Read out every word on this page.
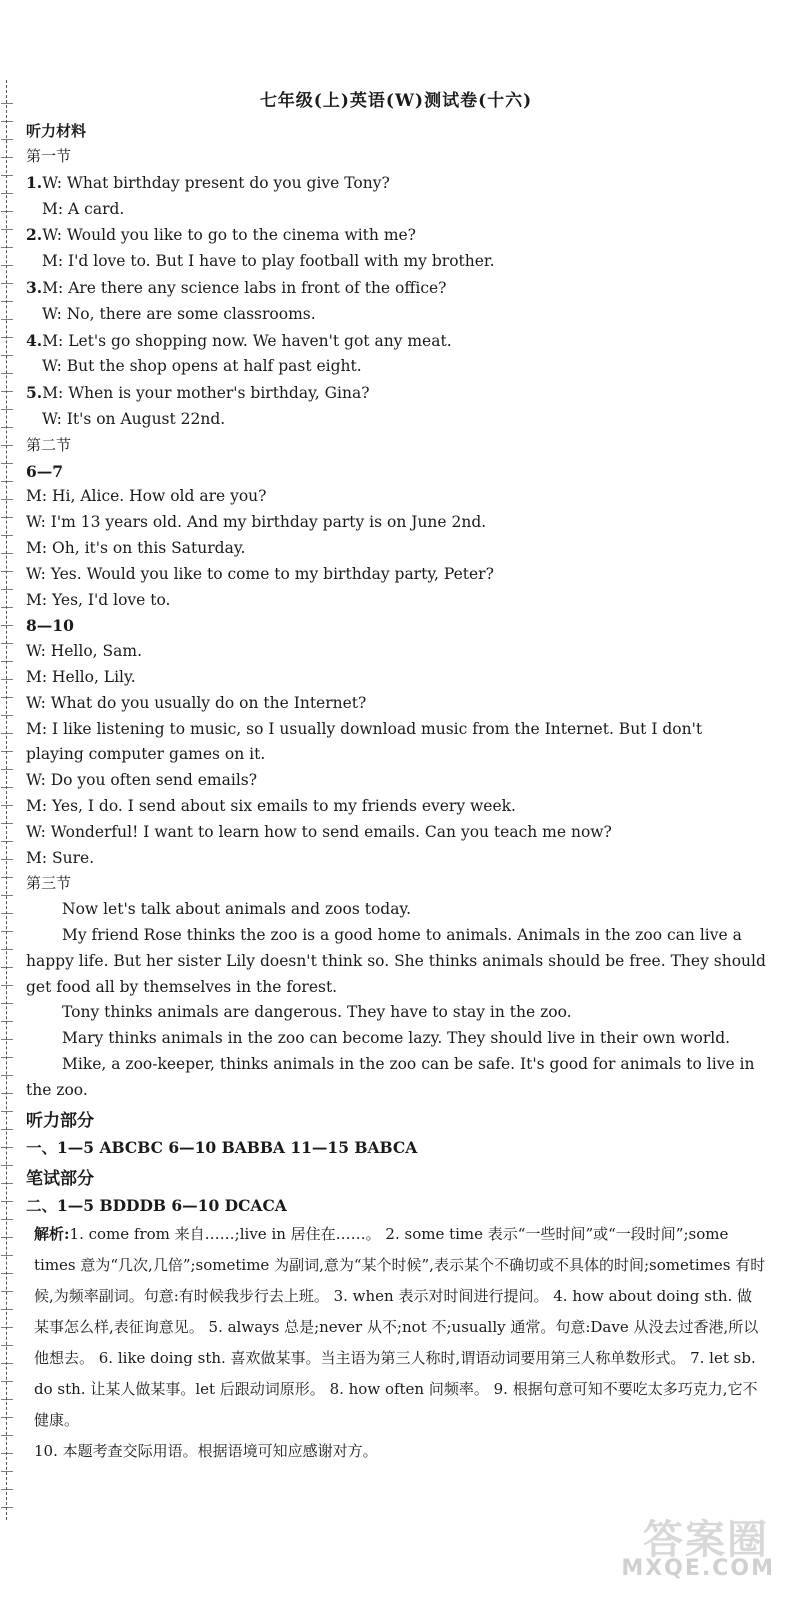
七年级(上)英语(W)测试卷(十六)
听力材料
第一节
1.W: What birthday present do you give Tony?
M: A card.
2.W: Would you like to go to the cinema with me?
M: I'd love to. But I have to play football with my brother.
3.M: Are there any science labs in front of the office?
W: No, there are some classrooms.
4.M: Let's go shopping now. We haven't got any meat.
W: But the shop opens at half past eight.
5.M: When is your mother's birthday, Gina?
W: It's on August 22nd.
第二节
6—7
M: Hi, Alice. How old are you?
W: I'm 13 years old. And my birthday party is on June 2nd.
M: Oh, it's on this Saturday.
W: Yes. Would you like to come to my birthday party, Peter?
M: Yes, I'd love to.
8—10
W: Hello, Sam.
M: Hello, Lily.
W: What do you usually do on the Internet?
M: I like listening to music, so I usually download music from the Internet. But I don't
playing computer games on it.
W: Do you often send emails?
M: Yes, I do. I send about six emails to my friends every week.
W: Wonderful! I want to learn how to send emails. Can you teach me now?
M: Sure.
第三节
Now let's talk about animals and zoos today.
My friend Rose thinks the zoo is a good home to animals. Animals in the zoo can live a happy life. But her sister Lily doesn't think so. She thinks animals should be free. They should get food all by themselves in the forest.
Tony thinks animals are dangerous. They have to stay in the zoo.
Mary thinks animals in the zoo can become lazy. They should live in their own world.
Mike, a zoo-keeper, thinks animals in the zoo can be safe. It's good for animals to live in the zoo.
听力部分
一、1—5 ABCBC 6—10 BABBA 11—15 BABCA
笔试部分
二、1—5 BDDDB 6—10 DCACA
解析:1. come from 来自……;live in 居住在……。 2. some time 表示“一些时间”或“一段时间”;some times 意为“几次,几倍”;sometime 为副词,意为“某个时候”,表示某个不确切或不具体的时间;sometimes 有时候,为频率副词。句意:有时候我步行去上班。 3. when 表示对时间进行提问。 4. how about doing sth. 做某事怎么样,表征询意见。 5. always 总是;never 从不;not 不;usually 通常。句意:Dave 从没去过香港,所以他想去。 6. like doing sth. 喜欢做某事。当主语为第三人称时,谓语动词要用第三人称单数形式。 7. let sb. do sth. 让某人做某事。let 后跟动词原形。 8. how often 问频率。 9. 根据句意可知不要吃太多巧克力,它不健康。
10. 本题考查交际用语。根据语境可知应感谢对方。
答案圈
MXQE.COM
